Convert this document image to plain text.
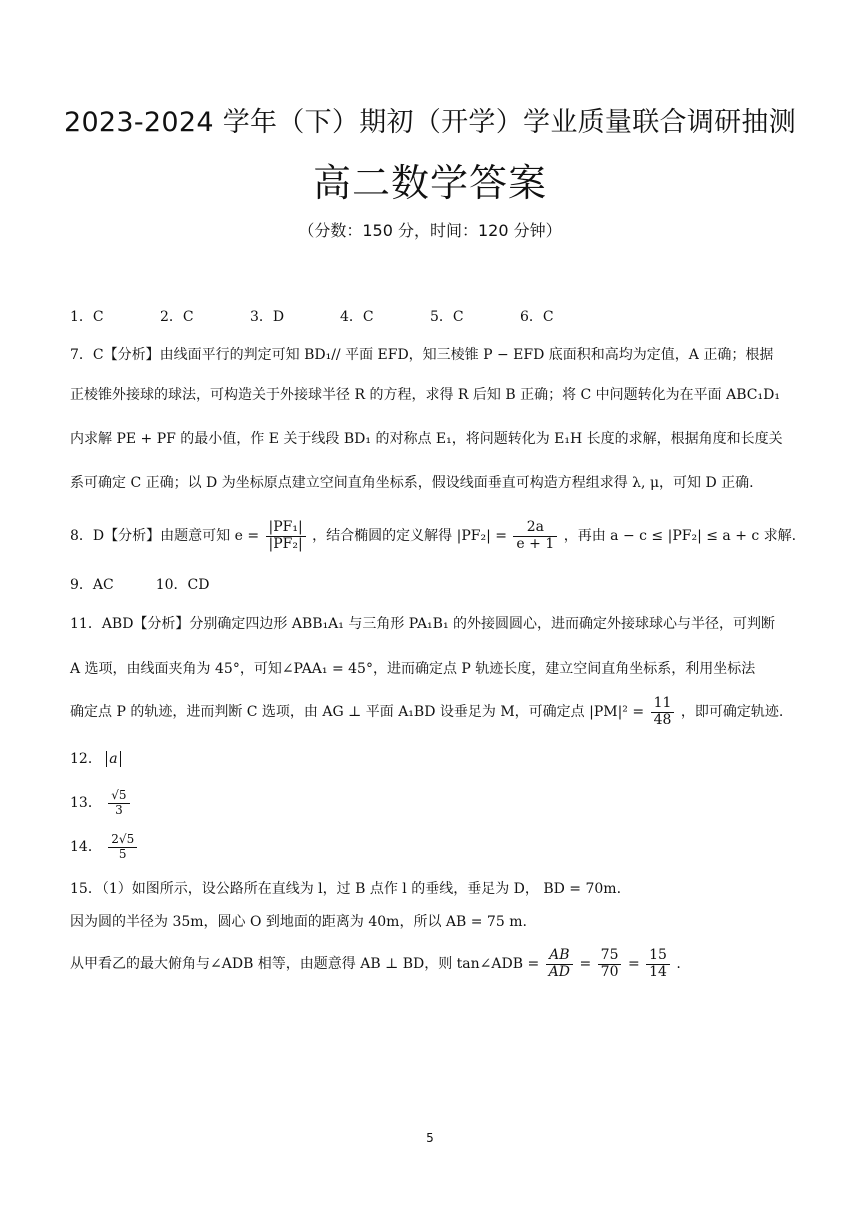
2023-2024 学年（下）期初（开学）学业质量联合调研抽测
高二数学答案
（分数：150 分，时间：120 分钟）
1．C	2．C	3．D	4．C	5．C	6．C
7．C【分析】由线面平行的判定可知 BD₁// 平面 EFD，知三棱锥 P − EFD 底面积和高均为定值，A 正确；根据
正棱锥外接球的球法，可构造关于外接球半径 R 的方程，求得 R 后知 B 正确；将 C 中问题转化为在平面 ABC₁D₁
内求解 PE + PF 的最小值，作 E 关于线段 BD₁ 的对称点 E₁，将问题转化为 E₁H 长度的求解，根据角度和长度关
系可确定 C 正确；以 D 为坐标原点建立空间直角坐标系，假设线面垂直可构造方程组求得 λ, μ，可知 D 正确.
8．D【分析】由题意可知 $e = \frac{\text{|PF₁|}}{\text{|PF₂|}}$ ，结合椭圆的定义解得 $|PF_2| = \frac{2a}{e + 1}$ ，再由 a − c ≤ |PF₂| ≤ a + c 求解.
9．AC　　　10．CD
11．ABD【分析】分别确定四边形 ABB₁A₁ 与三角形 PA₁B₁ 的外接圆圆心，进而确定外接球球心与半径，可判断
A 选项，由线面夹角为 45°，可知∠PAA₁ = 45°，进而确定点 P 轨迹长度，建立空间直角坐标系，利用坐标法
确定点 P 的轨迹，进而判断 C 选项，由 AG ⊥ 平面 A₁BD 设垂足为 M，可确定点 $|PM|^2 = \frac{11}{48}$ ，即可确定轨迹.
12． a
13． $\frac{√5}{3}$
14． $\frac{2√5}{5}$
15．（1）如图所示，设公路所在直线为 l，过 B 点作 l 的垂线，垂足为 D， BD = 70m.
因为圆的半径为 35m，圆心 O 到地面的距离为 40m，所以 AB = 75 m.
从甲看乙的最大俯角与∠ADB 相等，由题意得 AB ⊥ BD，则 tan∠ADB = $\frac{AB}{AD} = \frac{75}{70} = \frac{15}{14}$ .
5
